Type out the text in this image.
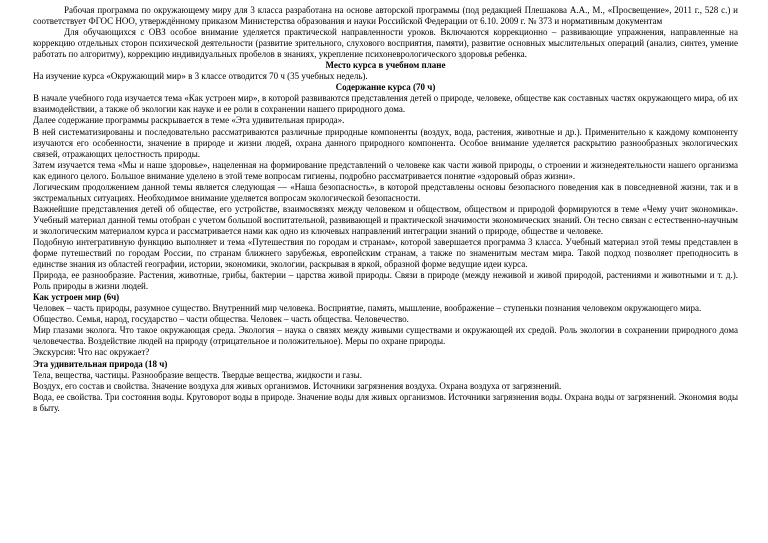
Рабочая программа по окружающему миру для 3 класса разработана на основе авторской программы (под редакцией Плешакова А.А., М., «Просвещение», 2011 г., 528 с.) и соответствует ФГОС НОО, утверждённому приказом Министерства образования и науки Российской Федерации от 6.10. 2009 г. № 373 и нормативным документам

Для обучающихся с ОВЗ особое внимание уделяется практической направленности уроков. Включаются коррекционно – развивающие упражнения, направленные на коррекцию отдельных сторон психической деятельности (развитие зрительного, слухового восприятия, памяти), развитие основных мыслительных операций (анализ, синтез, умение работать по алгоритму), коррекцию индивидуальных пробелов в знаниях, укрепление психоневрологического здоровья ребенка.

Место курса в учебном плане

На изучение курса «Окружающий мир» в 3 классе отводится 70 ч (35 учебных недель).

Содержание курса (70 ч)

В начале учебного года изучается тема «Как устроен мир», в которой развиваются представления детей о природе, человеке, обществе как составных частях окружающего мира, об их взаимодействии, а также об экологии как науке и ее роли в сохранении нашего природного дома.

Далее содержание программы раскрывается в теме «Эта удивительная природа».

В ней систематизированы и последовательно рассматриваются различные природные компоненты (воздух, вода, растения, животные и др.). Применительно к каждому компоненту изучаются его особенности, значение в природе и жизни людей, охрана данного природного компонента. Особое внимание уделяется раскрытию разнообразных экологических связей, отражающих целостность природы.

Затем изучается тема «Мы и наше здоровье», нацеленная на формирование представлений о человеке как части живой природы, о строении и жизнедеятельности нашего организма как единого целого. Большое внимание уделено в этой теме вопросам гигиены, подробно рассматривается понятие «здоровый образ жизни».

Логическим продолжением данной темы является следующая — «Наша безопасность», в которой представлены основы безопасного поведения как в повседневной жизни, так и в экстремальных ситуациях. Необходимое внимание уделяется вопросам экологической безопасности.

Важнейшие представления детей об обществе, его устройстве, взаимосвязях между человеком и обществом, обществом и природой формируются в теме «Чему учит экономика». Учебный материал данной темы отобран с учетом большой воспитательной, развивающей и практической значимости экономических знаний. Он тесно связан с естественно-научным и экологическим материалом курса и рассматривается нами как одно из ключевых направлений интеграции знаний о природе, обществе и человеке.

Подобную интегративную функцию выполняет и тема «Путешествия по городам и странам», которой завершается программа 3 класса. Учебный материал этой темы представлен в форме путешествий по городам России, по странам ближнего зарубежья, европейским странам, а также по знаменитым местам мира. Такой подход позволяет преподносить в единстве знания из областей географии, истории, экономики, экологии, раскрывая в яркой, образной форме ведущие идеи курса.

Природа, ее разнообразие. Растения, животные, грибы, бактерии – царства живой природы. Связи в природе (между неживой и живой природой, растениями и животными и т. д.). Роль природы в жизни людей.

Как устроен мир (6ч)

Человек – часть природы, разумное существо. Внутренний мир человека. Восприятие, память, мышление, воображение – ступеньки познания человеком окружающего мира.

Общество. Семья, народ, государство – части общества. Человек – часть общества. Человечество.

Мир глазами эколога. Что такое окружающая среда. Экология – наука о связях между живыми существами и окружающей их средой. Роль экологии в сохранении природного дома человечества. Воздействие людей на природу (отрицательное и положительное). Меры по охране природы.

Экскурсия: Что нас окружает?

Эта удивительная природа (18 ч)

Тела, вещества, частицы. Разнообразие веществ. Твердые вещества, жидкости и газы.

Воздух, его состав и свойства. Значение воздуха для живых организмов. Источники загрязнения воздуха. Охрана воздуха от загрязнений.

Вода, ее свойства. Три состояния воды. Круговорот воды в природе. Значение воды для живых организмов. Источники загрязнения воды. Охрана воды от загрязнений. Экономия воды в быту.
